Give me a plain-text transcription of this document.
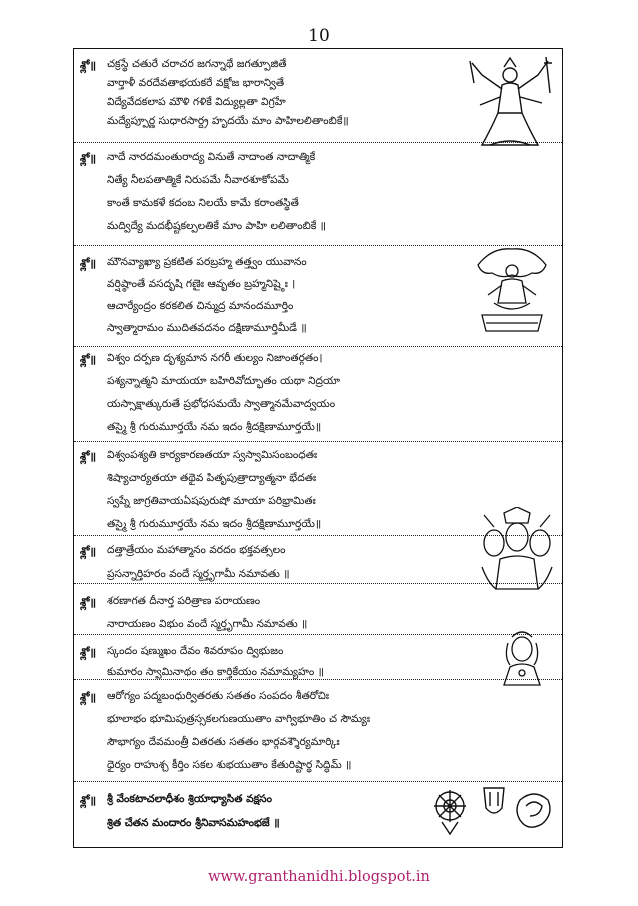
10
శ్లో॥ చక్రస్థే చతురే చరాచర జగన్నాథే జగత్పూజితే
వార్తాళీ వరదేవతాభయకరే వక్షోజ భారాన్వితే
విద్యేవేదకలాప మౌళి గళికే విద్యుల్లతా విగ్రహే
మద్యేప్పూర్ణ సుధారసార్ద్ర హృదయే మాం పాహిలలితాంబికే॥
శ్లో॥ నాదే నారదమంతురాద్య వినుతే నాదాంత నాదాత్మికే
నిత్యే నీలపతాత్మికే నిరుపమే నీవారశూకోపమే
కాంతే కామకళే కదంబ నిలయే కామే కరాంతస్థితే
మద్విద్యే మదభీష్టకల్పలతికే మాం పాహి లలితాంబికే ॥
శ్లో॥ మౌనవ్యాఖ్యా ప్రకటిత పరబ్రహ్మ తత్త్వం యువానం
వర్షిష్ఠాంతే వసదృషి గణైః ఆవృతం బ్రహ్మనిష్ఠైః ।
ఆచార్యేంద్రం కరకలిత చిన్ముద్ర మానందమూర్తిం
స్వాత్మారామం ముదితవదనం దక్షిణామూర్తిమీడే ॥
శ్లో॥ విశ్వం దర్పణ దృశ్యమాన నగరీ తుల్యం నిజాంతర్గతం।
పశ్యన్నాత్మని మాయయా బహిరివోద్భూతం యథా నిద్రయా
యస్సాక్షాత్కురుతే ప్రభోధసమయే స్వాత్మానమేవాద్వయం
తస్మై శ్రీ గురుమూర్తయే నమ ఇదం శ్రీదక్షిణామూర్తయే॥
శ్లో॥ విశ్వంపశ్యతి కార్యకారణతయా స్వస్వామిసంబంధతః
శిష్యాచార్యతయా తథైవ పితృపుత్రాద్యాత్మనా భేదతః
స్వప్నే జాగ్రతివాయఏషపురుషో మాయా పరిభ్రామితః
తస్మై శ్రీ గురుమూర్తయే నమ ఇదం శ్రీదక్షిణామూర్తయే॥
శ్లో॥ దత్తాత్రేయం మహాత్మానం వరదం భక్తవత్సలం
ప్రసన్నార్తిహరం వందే స్మర్తృగామీ నమావతు ॥
శ్లో॥ శరణాగత దీనార్త పరిత్రాణ పరాయణం
నారాయణం విభుం వందే స్మర్తృగామీ నమావతు ॥
శ్లో॥ స్కందం షణ్ముఖం దేవం శివరూపం ద్విభుజం
కుమారం స్వామినాథం తం కార్తికేయం నమామ్యహం ॥
శ్లో॥ ఆరోగ్యం పద్మబంధుర్వితరతు సతతం సంపదం శీతరోచిః
భూలాభం భూమిపుత్రస్సకలగుణయుతాం వాగ్విభూతిం చ సౌమ్యః
సౌభాగ్యం దేవమంత్రీ వితరతు సతతం భార్గవశ్శౌర్యమార్కిః
ధైర్యం రాహుశ్చ కీర్తిం సకల శుభయుతాం కేతురిష్టార్థ సిద్ధిమ్ ॥
శ్లో॥ శ్రీ వేంకటాచలాధీశం శ్రియాధ్యాసిత వక్షసం
శ్రిత చేతన మందారం శ్రీనివాసమహంభజే ॥
www.granthanidhi.blogspot.in
